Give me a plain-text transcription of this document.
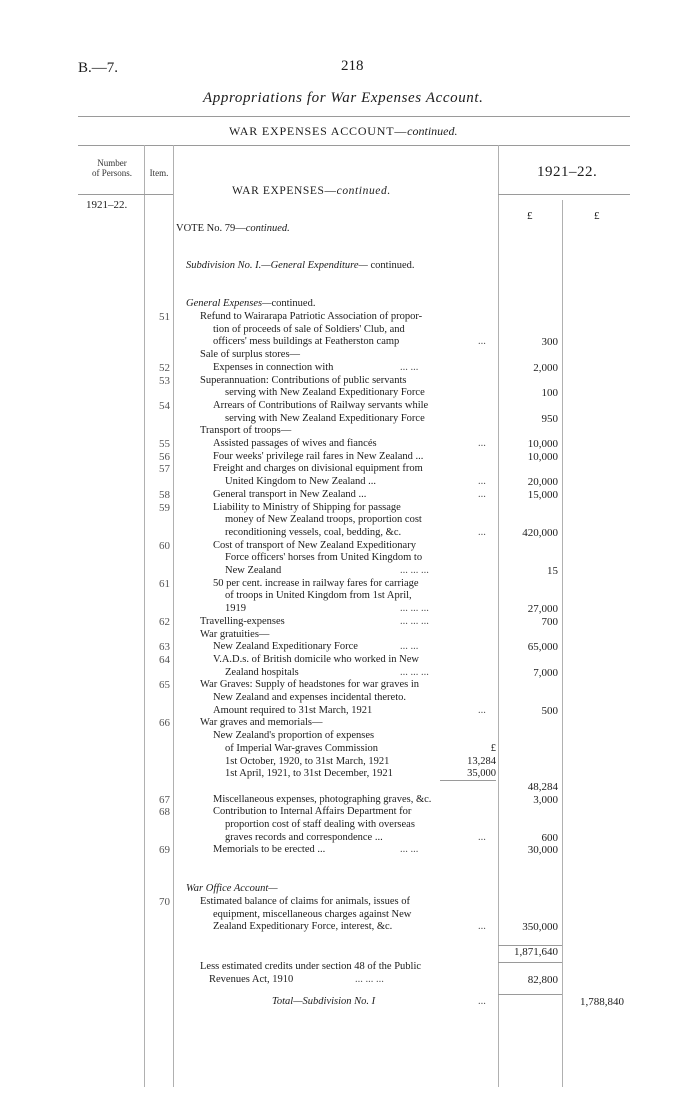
B.—7.	218
Appropriations for War Expenses Account.
WAR EXPENSES ACCOUNT—continued.
Number
of Persons.	Item.
1921–22.
1921–22.
£	£
WAR EXPENSES—continued.
VOTE No. 79—continued.
Subdivision No. I.—General Expenditure— continued.
General Expenses—continued.
51	Refund to Wairarapa Patriotic Association of propor-
tion of proceeds of sale of Soldiers' Club, and
officers' mess buildings at Featherston camp	...	300
Sale of surplus stores—
52	Expenses in connection with	... ...	2,000
53	Superannuation: Contributions of public servants
serving with New Zealand Expeditionary Force	100
54	Arrears of Contributions of Railway servants while
serving with New Zealand Expeditionary Force	950
Transport of troops—
55	Assisted passages of wives and fiancés	...	10,000
56	Four weeks' privilege rail fares in New Zealand ...	10,000
57	Freight and charges on divisional equipment from
United Kingdom to New Zealand ...	...	20,000
58	General transport in New Zealand ...	...	15,000
59	Liability to Ministry of Shipping for passage
money of New Zealand troops, proportion cost
reconditioning vessels, coal, bedding, &c.	...	420,000
60	Cost of transport of New Zealand Expeditionary
Force officers' horses from United Kingdom to
New Zealand	... ... ...	15
61	50 per cent. increase in railway fares for carriage
of troops in United Kingdom from 1st April,
1919	... ... ...	27,000
62	Travelling-expenses	... ... ...	700
War gratuities—
63	New Zealand Expeditionary Force	... ...	65,000
64	V.A.D.s. of British domicile who worked in New
Zealand hospitals	... ... ...	7,000
65	War Graves: Supply of headstones for war graves in
New Zealand and expenses incidental thereto.
Amount required to 31st March, 1921	...	500
66	War graves and memorials—
New Zealand's proportion of expenses
of Imperial War-graves Commission	£
1st October, 1920, to 31st March, 1921	13,284
1st April, 1921, to 31st December, 1921	35,000
48,284
67	Miscellaneous expenses, photographing graves, &c.	3,000
68	Contribution to Internal Affairs Department for
proportion cost of staff dealing with overseas
graves records and correspondence ...	...	600
69	Memorials to be erected ...	... ...	30,000
War Office Account—
70	Estimated balance of claims for animals, issues of
equipment, miscellaneous charges against New
Zealand Expeditionary Force, interest, &c.	...	350,000
1,871,640
Less estimated credits under section 48 of the Public
Revenues Act, 1910	... ... ...	82,800
Total—Subdivision No. I	...	1,788,840
